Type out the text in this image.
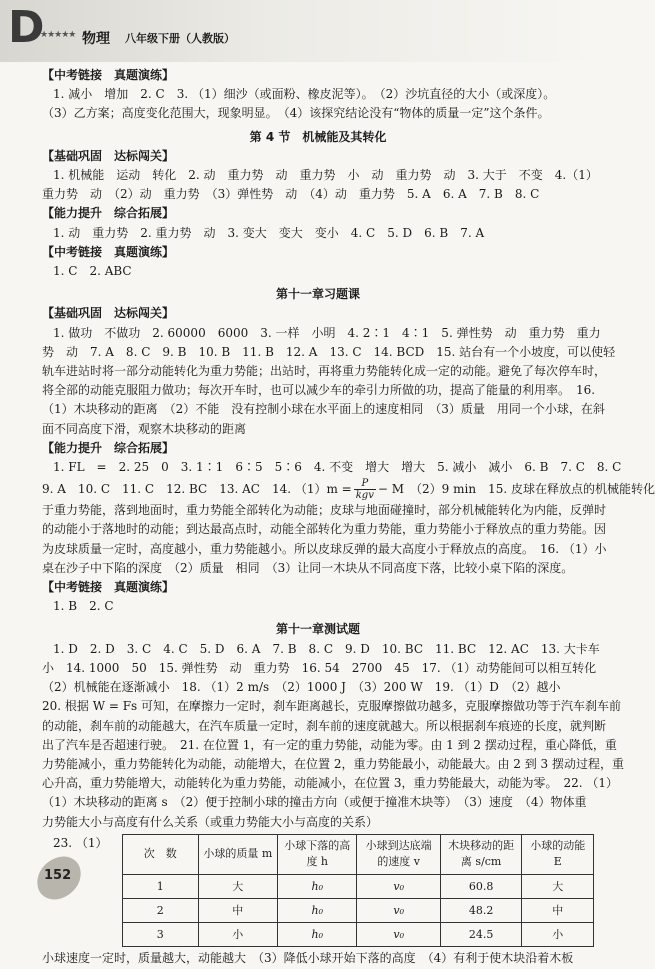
D
★★★★★ 物理 八年级下册（人教版）
【中考链接　真题演练】
1. 减小　增加　2. C　3. （1）细沙（或面粉、橡皮泥等）。　（2）沙坑直径的大小（或深度）。
（3）乙方案；高度变化范围大，现象明显。　（4）该探究结论没有“物体的质量一定”这个条件。
第 4 节　机械能及其转化
【基础巩固　达标闯关】
1. 机械能　运动　转化　2. 动　重力势　动　重力势　小　动　重力势　动　3. 大于　不变　4.（1）
重力势　动　（2）动　重力势　（3）弹性势　动　（4）动　重力势　5. A　6. A　7. B　8. C
【能力提升　综合拓展】
1. 动　重力势　2. 重力势　动　3. 变大　变大　变小　4. C　5. D　6. B　7. A
【中考链接　真题演练】
1. C　2. ABC
第十一章习题课
【基础巩固　达标闯关】
1. 做功　不做功　2. 60000　6000　3. 一样　小明　4. 2∶1　4∶1　5. 弹性势　动　重力势　重力
势　动　7. A　8. C　9. B　10. B　11. B　12. A　13. C　14. BCD　15. 站台有一个小坡度，可以使轻
轨车进站时将一部分动能转化为重力势能；出站时，再将重力势能转化成一定的动能。避免了每次停车时，
将全部的动能克服阻力做功；每次开车时，也可以减少车的牵引力所做的功，提高了能量的利用率。　16.
（1）木块移动的距离　（2）不能　没有控制小球在水平面上的速度相同　（3）质量　用同一个小球，在斜
面不同高度下滑，观察木块移动的距离
【能力提升　综合拓展】
1. FL　=　2. 25　0　3. 1∶1　6∶5　5∶6　4. 不变　增大　增大　5. 减小　减小　6. B　7. C　8. C
9. A　10. C　11. C　12. BC　13. AC　14. $(1)m = \frac{P}{\text{kgv}} - M$　（2）9 min　15. 皮球在释放点的机械能转化
于重力势能，落到地面时，重力势能全部转化为动能；皮球与地面碰撞时，部分机械能转化为内能，反弹时
的动能小于落地时的动能；到达最高点时，动能全部转化为重力势能，重力势能小于释放点的重力势能。因
为皮球质量一定时，高度越小，重力势能越小。所以皮球反弹的最大高度小于释放点的高度。　16. （1）小
桌在沙子中下陷的深度　（2）质量　相同　（3）让同一木块从不同高度下落，比较小桌下陷的深度。
【中考链接　真题演练】
1. B　2. C
第十一章测试题
1. D　2. D　3. C　4. C　5. D　6. A　7. B　8. C　9. D　10. BC　11. BC　12. AC　13. 大卡车
小　14. 1000　50　15. 弹性势　动　重力势　16. 54　2700　45　17. （1）动势能间可以相互转化
（2）机械能在逐渐减小　18. （1）2 m/s　（2）1000 J　（3）200 W　19. （1）D　（2）越小
20. 根据 W = Fs 可知，在摩擦力一定时，刹车距离越长，克服摩擦做功越多，克服摩擦做功等于汽车刹车前
的动能，刹车前的动能越大，在汽车质量一定时，刹车前的速度就越大。所以根据刹车痕迹的长度，就判断
出了汽车是否超速行驶。　21. 在位置 1，有一定的重力势能，动能为零。由 1 到 2 摆动过程，重心降低，重
力势能减小，重力势能转化为动能，动能增大，在位置 2，重力势能最小，动能最大。由 2 到 3 摆动过程，重
心升高，重力势能增大，动能转化为重力势能，动能减小，在位置 3，重力势能最大，动能为零。　22. （1）
（1）木块移动的距离 s　（2）便于控制小球的撞击方向（或便于撞准木块等）　（3）速度　（4）物体重
力势能大小与高度有什么关系（或重力势能大小与高度的关系）
23. （1）
次　数	小球的质量 m	小球下落的高度 h	小球到达底端的速度 v	木块移动的距离 s/cm	小球的动能 E
1	大	h₀	v₀	60.8	大
2	中	h₀	v₀	48.2	中
3	小	h₀	v₀	24.5	小
小球速度一定时，质量越大，动能越大　（3）降低小球开始下落的高度　（4）有利于使木块沿着木板
152
